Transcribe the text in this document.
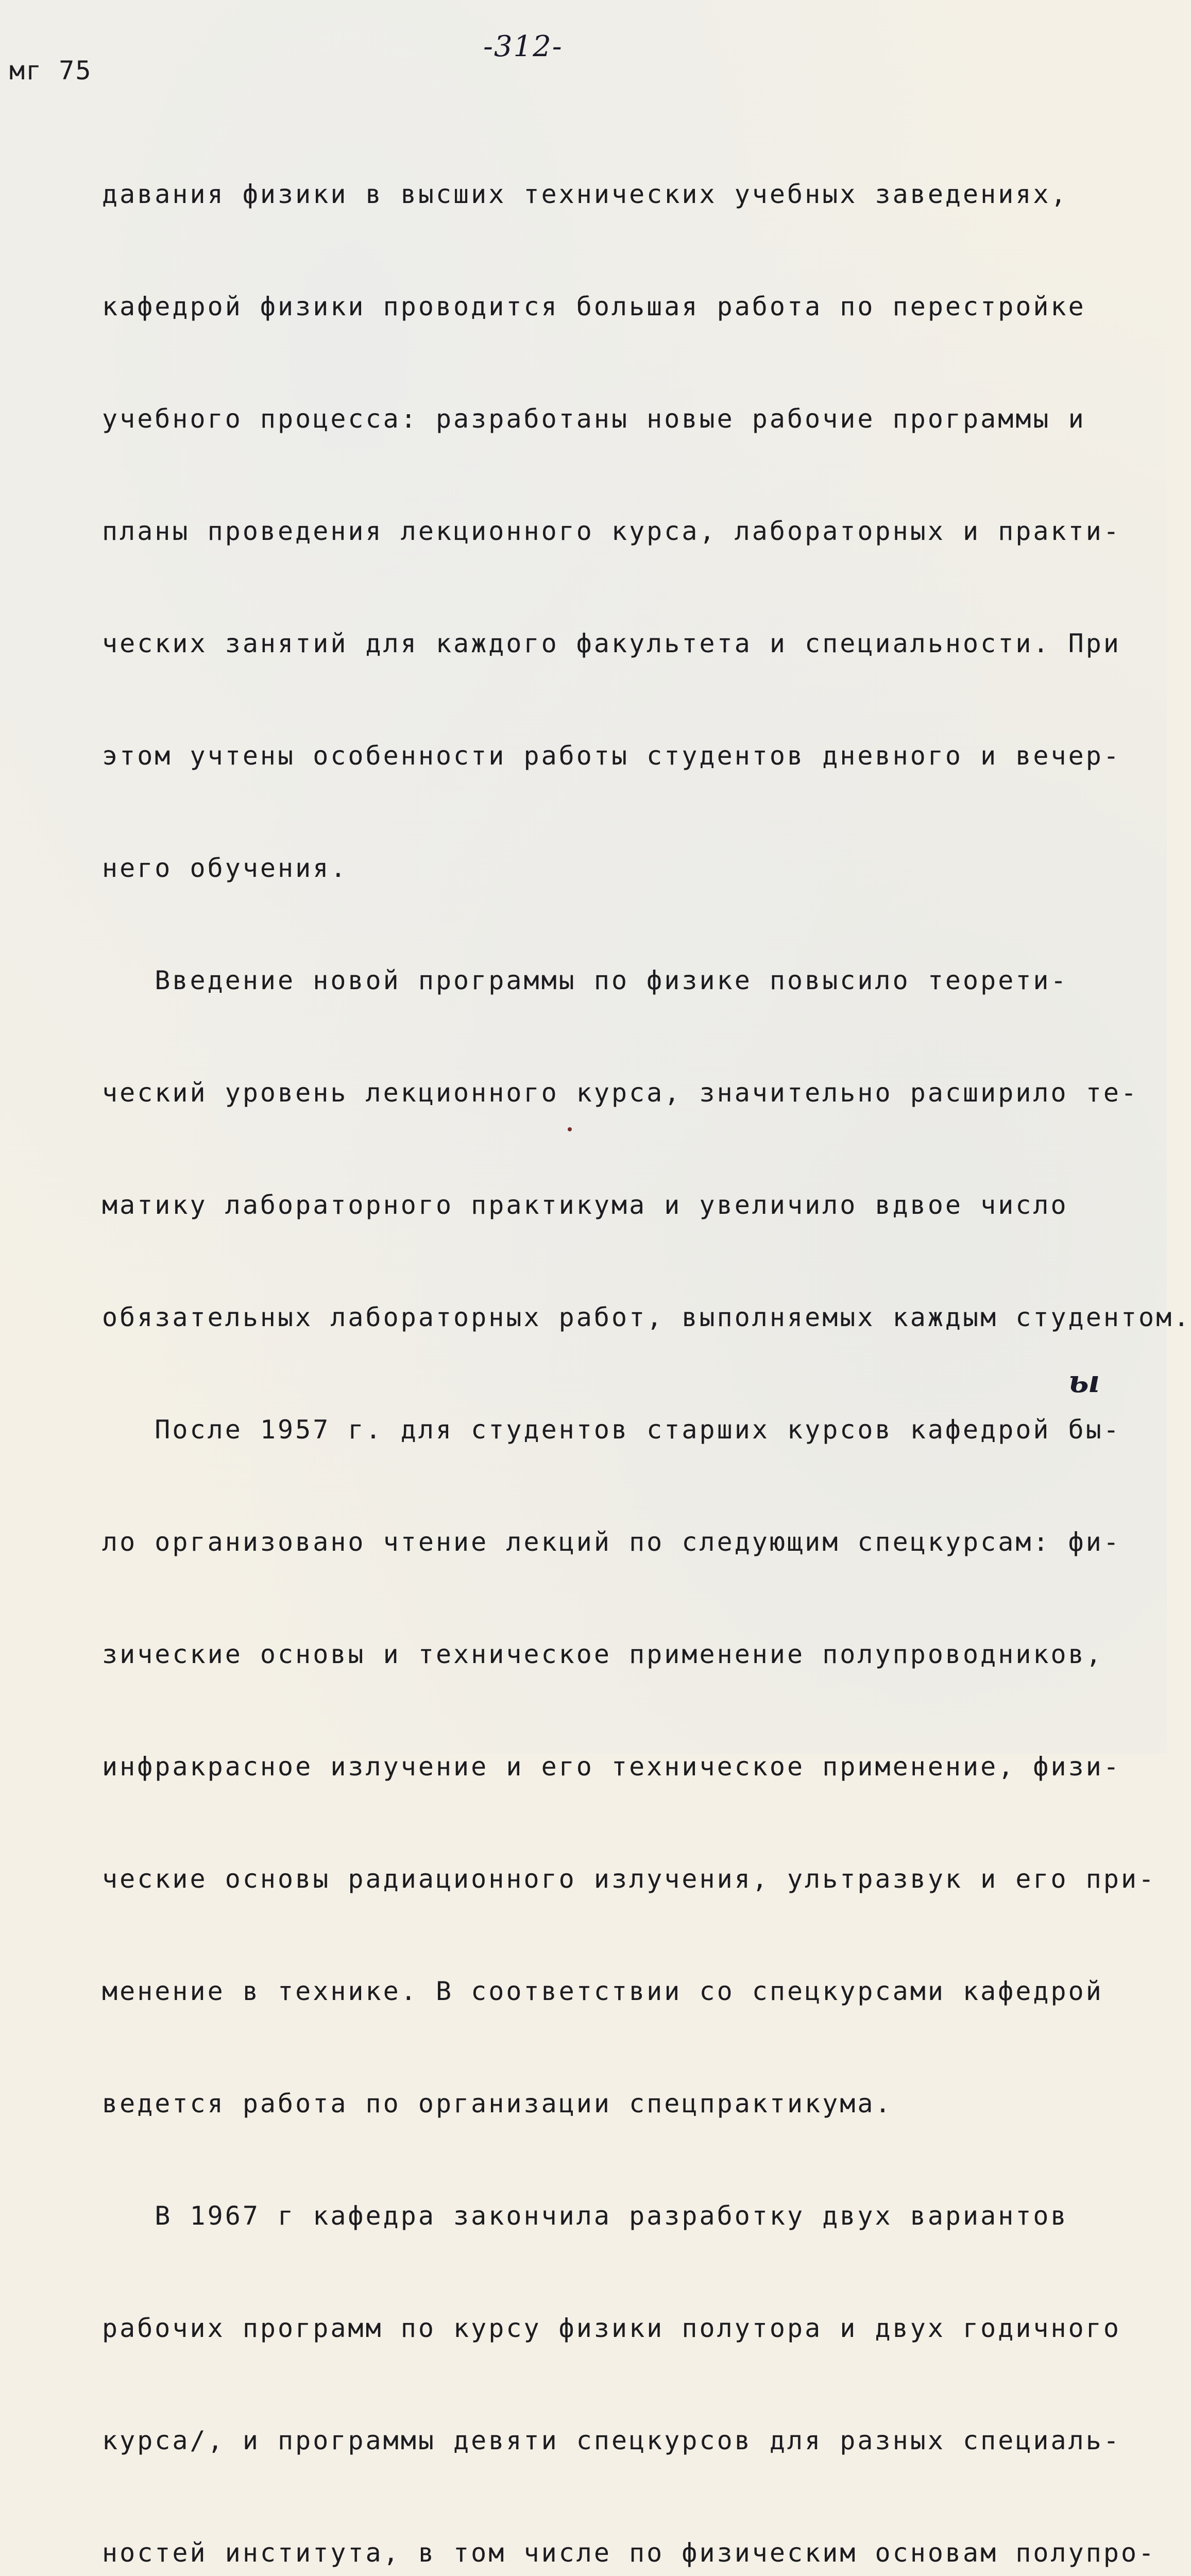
мг 75
-312-

давания физики в высших технических учебных заведениях,

кафедрой физики проводится большая работа по перестройке

учебного процесса: разработаны новые рабочие программы и

планы проведения лекционного курса, лабораторных и практи-

ческих занятий для каждого факультета и специальности. При

этом учтены особенности работы студентов дневного и вечер-

него обучения.

Введение новой программы по физике повысило теорети-

ческий уровень лекционного курса, значительно расширило те-

матику лабораторного практикума и увеличило вдвое число

обязательных лабораторных работ, выполняемых каждым студентом.

После 1957 г. для студентов старших курсов кафедрой бы-

ло организовано чтение лекций по следующим спецкурсам: фи-

зические основы и техническое применение полупроводников,

инфракрасное излучение и его техническое применение, физи-

ческие основы радиационного излучения, ультразвук и его при-

менение в технике. В соответствии со спецкурсами кафедрой

ведется работа по организации спецпрактикума.

В 1967 г кафедра закончила разработку двух вариантов

рабочих программ по курсу физики полутора и двух годичного

курса/, и программы девяти спецкурсов для разных специаль-

ностей института, в том числе по физическим основам полупро-

ы
